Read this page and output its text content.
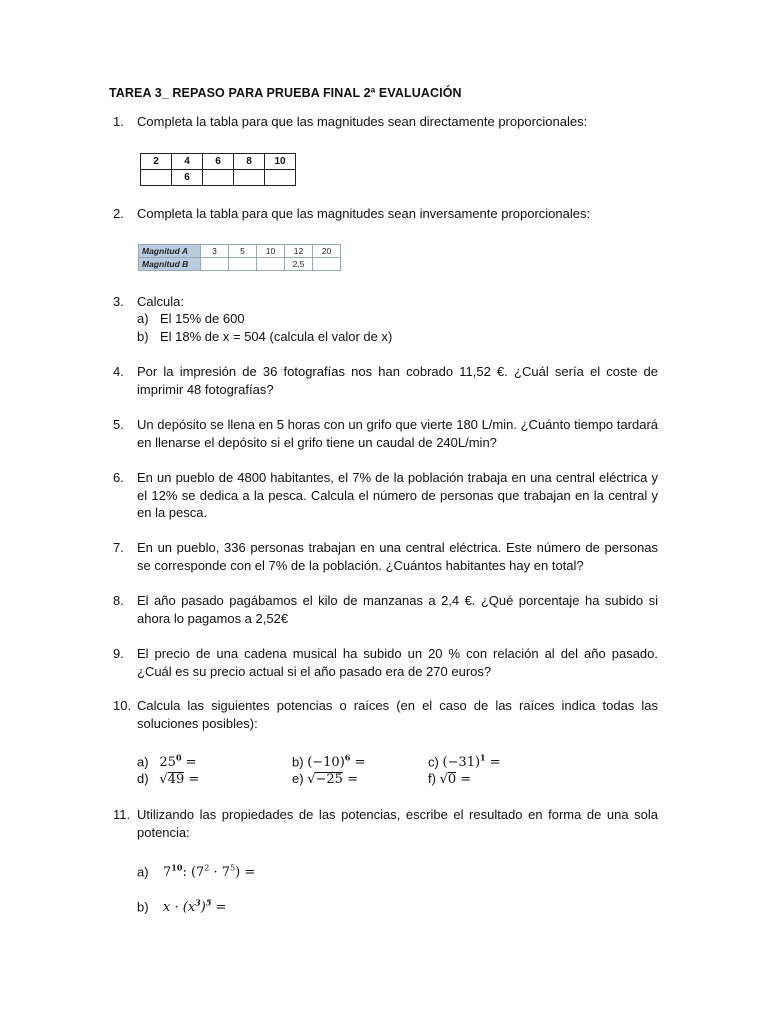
TAREA 3_ REPASO PARA PRUEBA FINAL 2ª EVALUACIÓN
1. Completa la tabla para que las magnitudes sean directamente proporcionales:
2	4	6	8	10
	6			
2. Completa la tabla para que las magnitudes sean inversamente proporcionales:
Magnitud A	3	5	10	12	20
Magnitud B				2,5	
3. Calcula:
a) El 15% de 600
b) El 18% de x = 504 (calcula el valor de x)
4. Por la impresión de 36 fotografías nos han cobrado 11,52 €. ¿Cuál sería el coste de imprimir 48 fotografías?
5. Un depósito se llena en 5 horas con un grifo que vierte 180 L/min. ¿Cuánto tiempo tardará en llenarse el depósito si el grifo tiene un caudal de 240L/min?
6. En un pueblo de 4800 habitantes, el 7% de la población trabaja en una central eléctrica y el 12% se dedica a la pesca. Calcula el número de personas que trabajan en la central y en la pesca.
7. En un pueblo, 336 personas trabajan en una central eléctrica. Este número de personas se corresponde con el 7% de la población. ¿Cuántos habitantes hay en total?
8. El año pasado pagábamos el kilo de manzanas a 2,4 €. ¿Qué porcentaje ha subido si ahora lo pagamos a 2,52€
9. El precio de una cadena musical ha subido un 20 % con relación al del año pasado. ¿Cuál es su precio actual si el año pasado era de 270 euros?
10. Calcula las siguientes potencias o raíces (en el caso de las raíces indica todas las soluciones posibles):
a) $25^0$ =	b) $(-10)^6$ =	c) $(-31)^1$ =
d) √49 =	e) √−25 =	f) √0 =
11. Utilizando las propiedades de las potencias, escribe el resultado en forma de una sola potencia:
a) $7^{10}$: $(7^2 \cdot 7^5)$ =
b) $x \cdot (x^3)^5$ =
